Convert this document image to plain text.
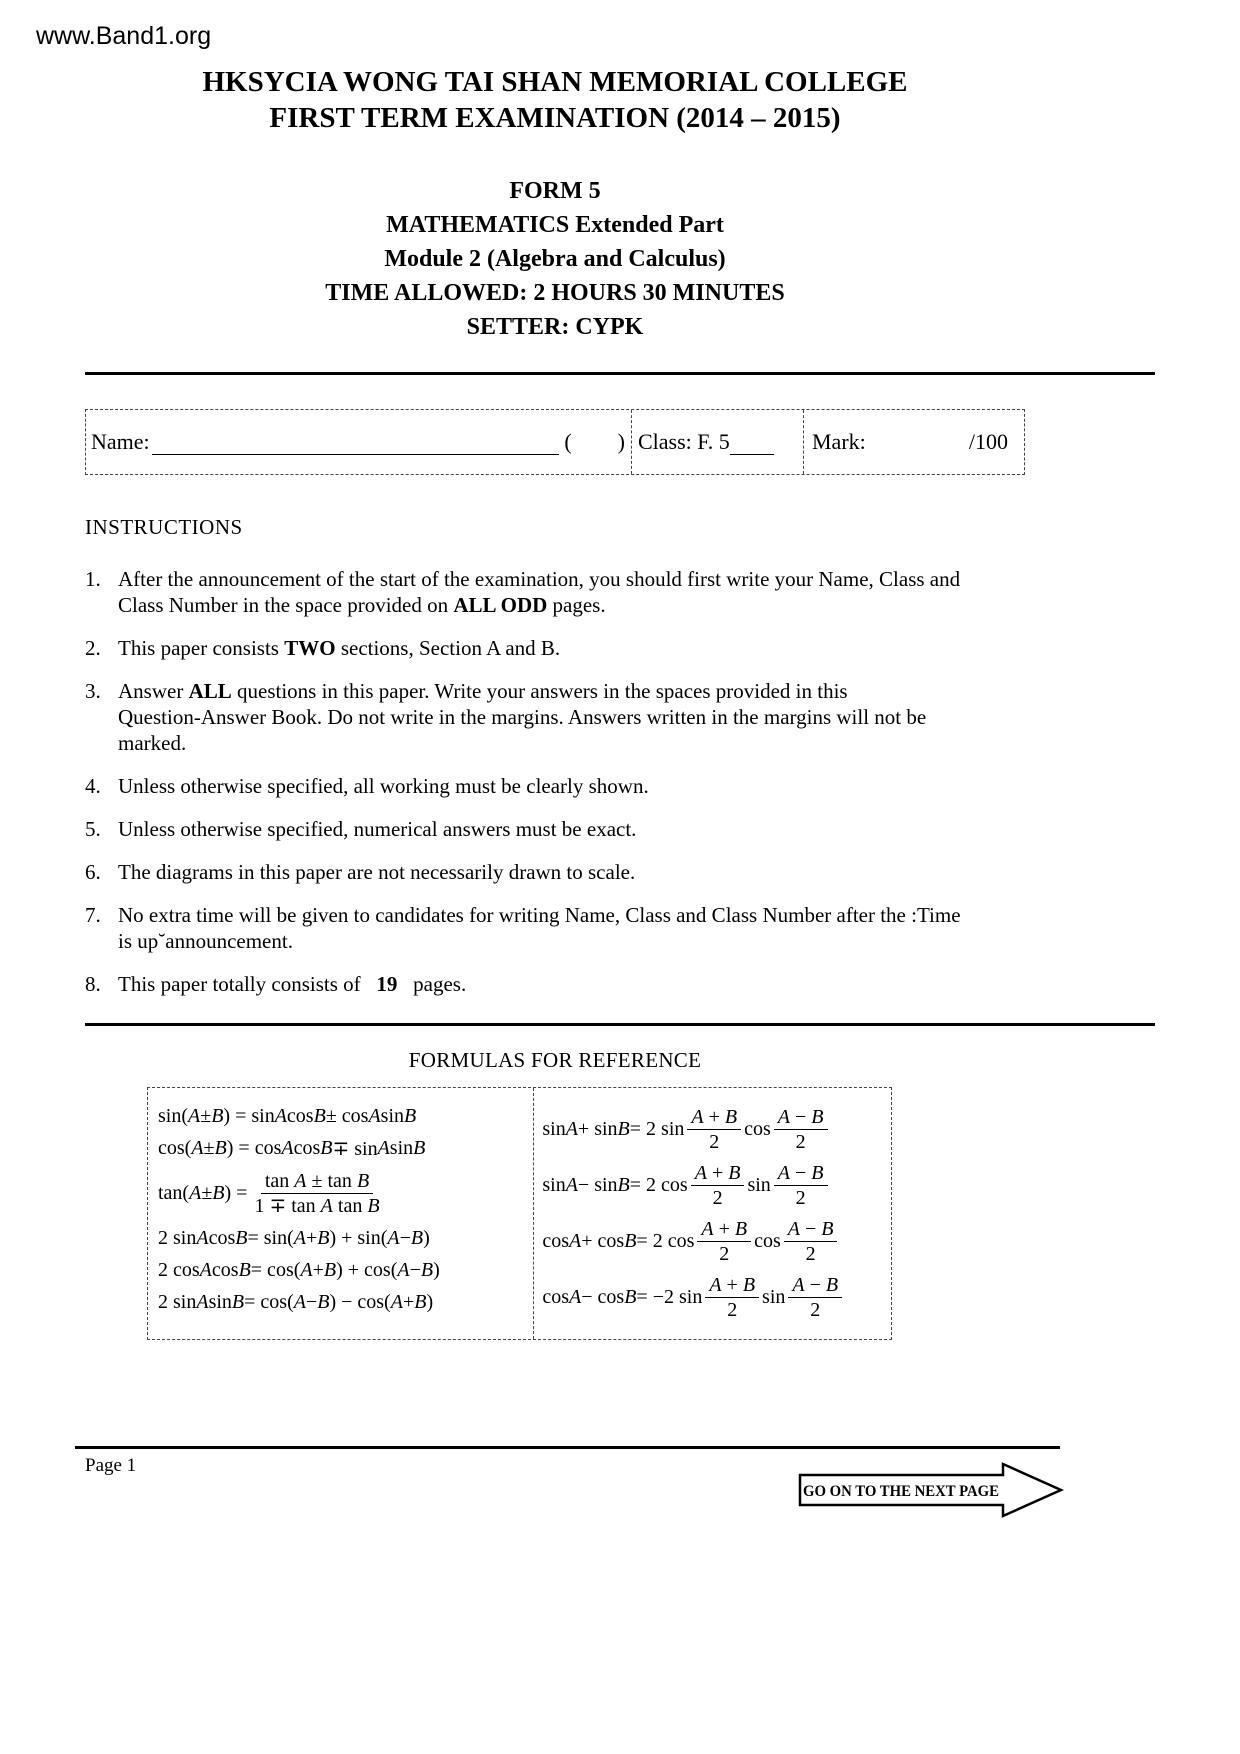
www.Band1.org
HKSYCIA WONG TAI SHAN MEMORIAL COLLEGE
FIRST TERM EXAMINATION (2014 – 2015)
FORM 5
MATHEMATICS Extended Part
Module 2 (Algebra and Calculus)
TIME ALLOWED: 2 HOURS 30 MINUTES
SETTER: CYPK
Name:	( ) Class: F. 5	Mark:	/100
INSTRUCTIONS
1. After the announcement of the start of the examination, you should first write your Name, Class and
Class Number in the space provided on ALL ODD pages.
2. This paper consists TWO sections, Section A and B.
3. Answer ALL questions in this paper. Write your answers in the spaces provided in this
Question-Answer Book. Do not write in the margins. Answers written in the margins will not be
marked.
4. Unless otherwise specified, all working must be clearly shown.
5. Unless otherwise specified, numerical answers must be exact.
6. The diagrams in this paper are not necessarily drawn to scale.
7. No extra time will be given to candidates for writing Name, Class and Class Number after the :Time
is up˘announcement.
8. This paper totally consists of   19   pages.
FORMULAS FOR REFERENCE
sin( A ± B ) = sin A cos B ± cos A sin B
cos( A ± B ) = cos A cos B ∓ sin A sin B
tan( A ± B ) = $\frac{\text{tan A ± tan B}}{\text{1 ∓ tan A tan B}}$
2 sin A cos B = sin( A + B ) + sin( A − B )
2 cos A cos B = cos( A + B ) + cos( A − B )
2 sin A sin B = cos( A − B ) − cos( A + B )
sin A + sin B = 2 $\sin \frac{A + B}{2}$ $\cos \frac{A - B}{2}$
sin A − sin B = 2 $\cos \frac{A + B}{2}$ $\sin \frac{A - B}{2}$
cos A + cos B = 2 $\cos \frac{A + B}{2}$ $\cos \frac{A - B}{2}$
cos A − cos B = −2 $\sin \frac{A + B}{2}$ $\sin \frac{A - B}{2}$
Page 1
GO ON TO THE NEXT PAGE
